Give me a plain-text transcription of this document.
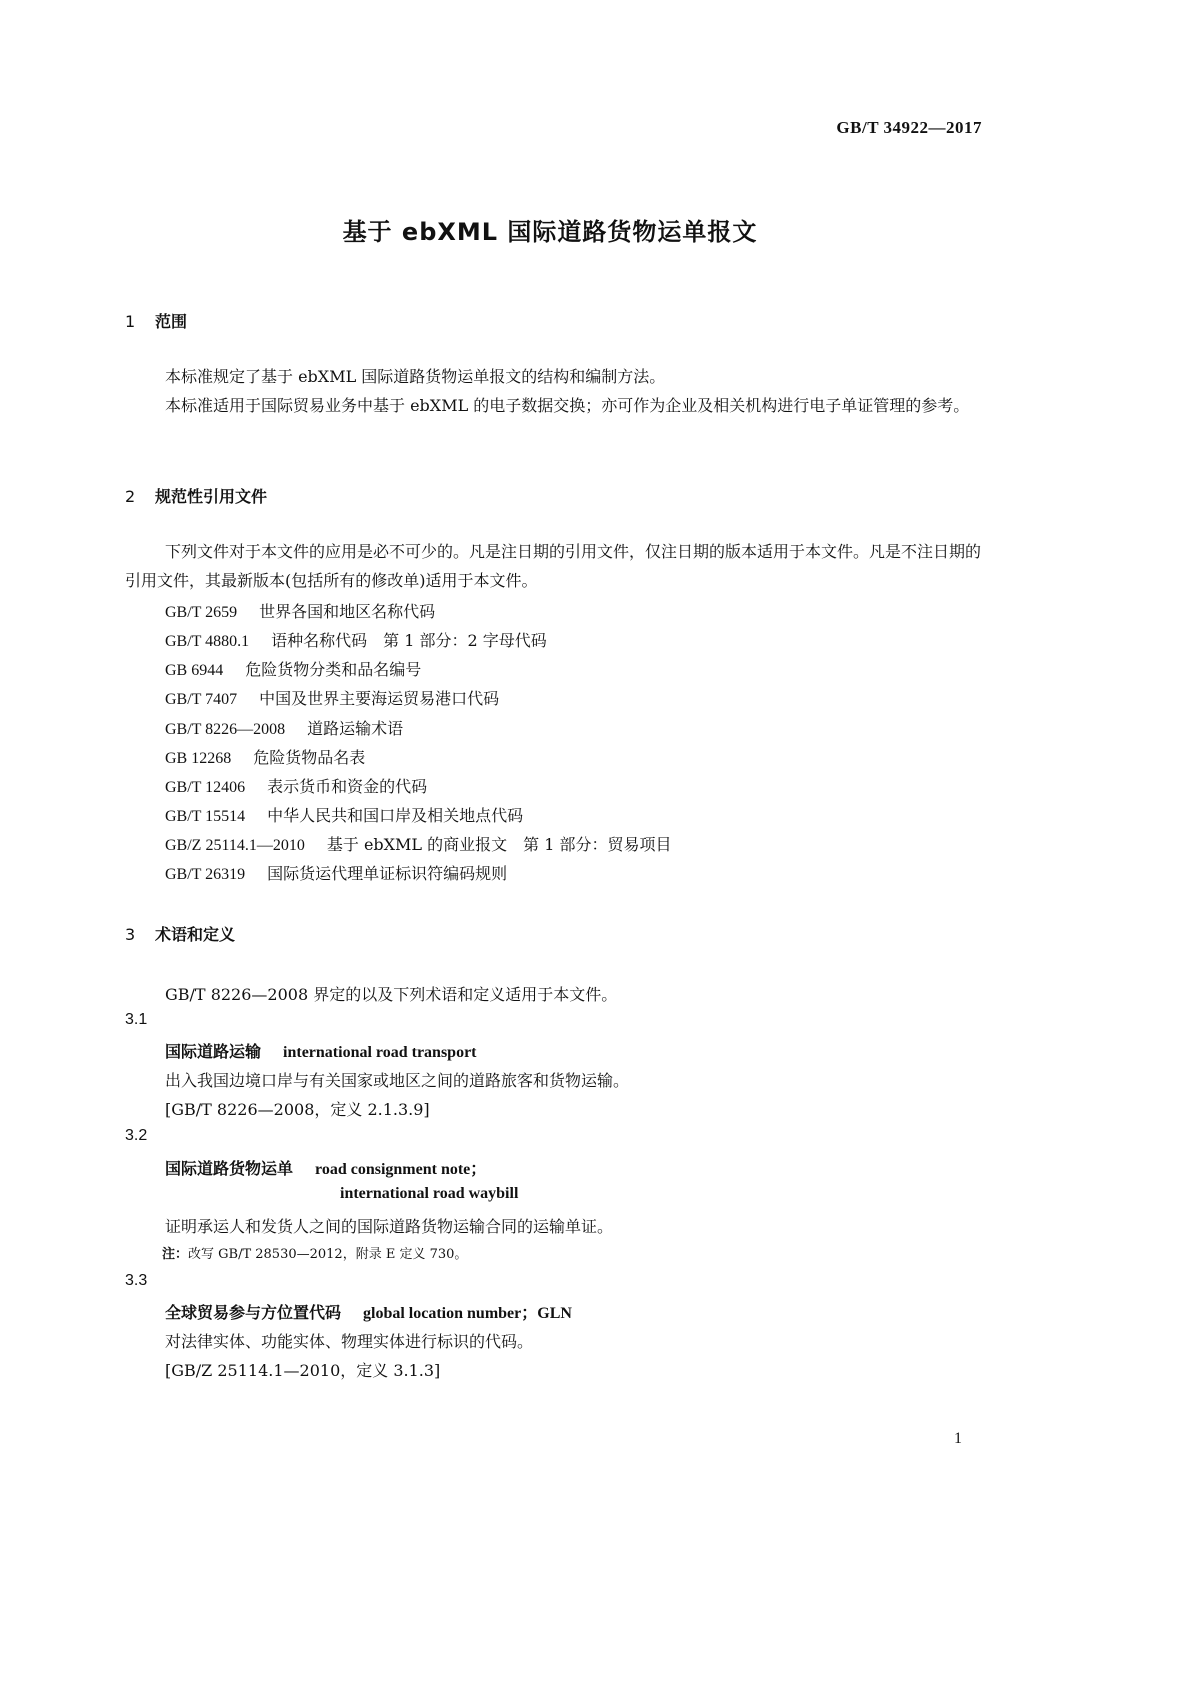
GB/T 34922—2017
基于 ebXML 国际道路货物运单报文
1 范围
本标准规定了基于 ebXML 国际道路货物运单报文的结构和编制方法。
本标准适用于国际贸易业务中基于 ebXML 的电子数据交换；亦可作为企业及相关机构进行电子单证管理的参考。
2 规范性引用文件
下列文件对于本文件的应用是必不可少的。凡是注日期的引用文件，仅注日期的版本适用于本文件。凡是不注日期的引用文件，其最新版本(包括所有的修改单)适用于本文件。
GB/T 2659 世界各国和地区名称代码
GB/T 4880.1 语种名称代码　第 1 部分：2 字母代码
GB 6944 危险货物分类和品名编号
GB/T 7407 中国及世界主要海运贸易港口代码
GB/T 8226—2008 道路运输术语
GB 12268 危险货物品名表
GB/T 12406 表示货币和资金的代码
GB/T 15514 中华人民共和国口岸及相关地点代码
GB/Z 25114.1—2010 基于 ebXML 的商业报文　第 1 部分：贸易项目
GB/T 26319 国际货运代理单证标识符编码规则
3 术语和定义
GB/T 8226—2008 界定的以及下列术语和定义适用于本文件。
3.1
国际道路运输 international road transport
出入我国边境口岸与有关国家或地区之间的道路旅客和货物运输。
[GB/T 8226—2008，定义 2.1.3.9]
3.2
国际道路货物运单 road consignment note；
international road waybill
证明承运人和发货人之间的国际道路货物运输合同的运输单证。
注：改写 GB/T 28530—2012，附录 E 定义 730。
3.3
全球贸易参与方位置代码 global location number；GLN
对法律实体、功能实体、物理实体进行标识的代码。
[GB/Z 25114.1—2010，定义 3.1.3]
1
